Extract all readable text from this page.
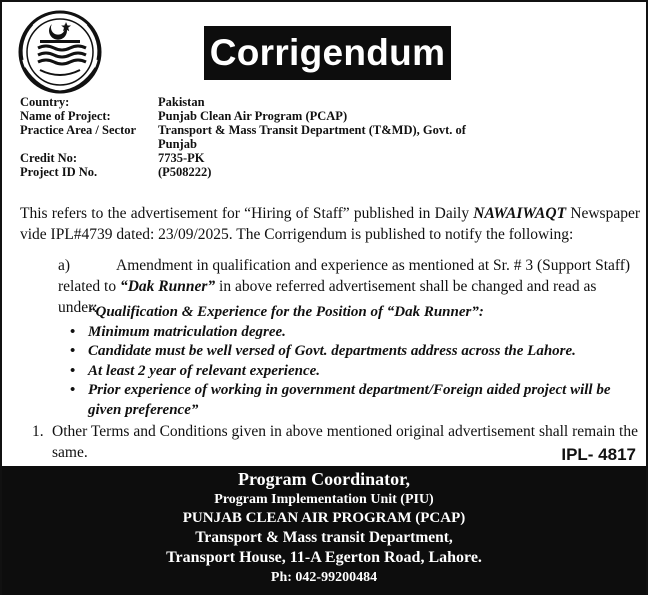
Corrigendum
Country:	Pakistan
Name of Project:	Punjab Clean Air Program (PCAP)
Practice Area / Sector	Transport & Mass Transit Department (T&MD), Govt. of Punjab
Credit No:	7735-PK
Project ID No.	(P508222)
This refers to the advertisement for “Hiring of Staff” published in Daily NAWAIWAQT Newspaper vide IPL#4739 dated: 23/09/2025. The Corrigendum is published to notify the following:
a)	Amendment in qualification and experience as mentioned at Sr. # 3 (Support Staff)
related to “Dak Runner” in above referred advertisement shall be changed and read as under:
“Qualification & Experience for the Position of “Dak Runner”:
• Minimum matriculation degree.
• Candidate must be well versed of Govt. departments address across the Lahore.
• At least 2 year of relevant experience.
• Prior experience of working in government department/Foreign aided project will be given preference”
1. Other Terms and Conditions given in above mentioned original advertisement shall remain the same.	IPL- 4817
Program Coordinator,
Program Implementation Unit (PIU)
PUNJAB CLEAN AIR PROGRAM (PCAP)
Transport & Mass transit Department,
Transport House, 11-A Egerton Road, Lahore.
Ph: 042-99200484
